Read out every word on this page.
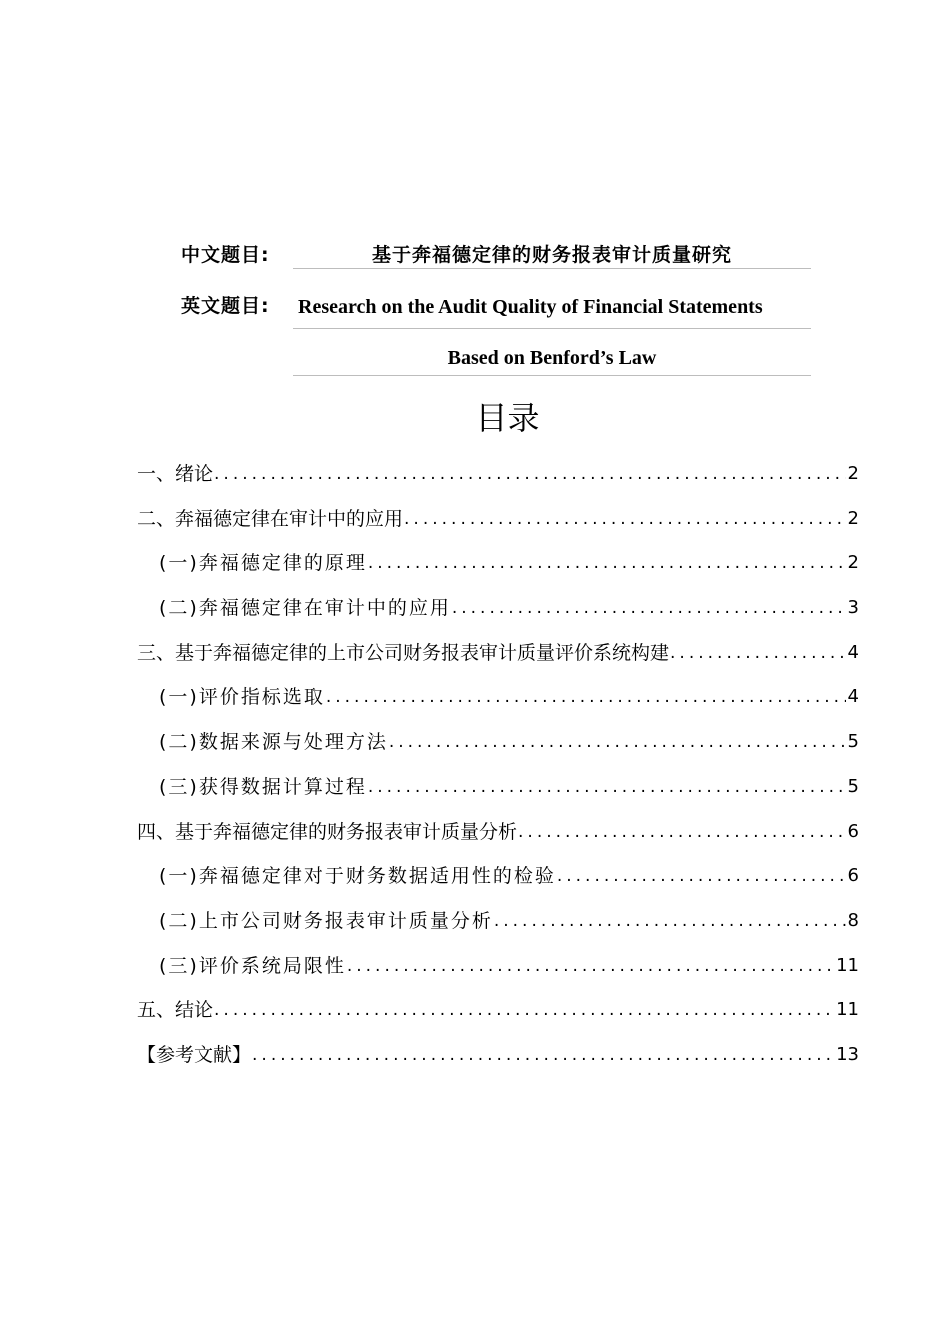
中文题目:	基于奔福德定律的财务报表审计质量研究
英文题目: Research on the Audit Quality of Financial Statements
Based on Benford’s Law
目录
一、绪论 .....	2
二、奔福德定律在审计中的应用 .....	2
(一)奔福德定律的原理 .....	2
(二)奔福德定律在审计中的应用 .....	3
三、基于奔福德定律的上市公司财务报表审计质量评价系统构建 .....	4
(一)评价指标选取 .....	4
(二)数据来源与处理方法 .....	5
(三)获得数据计算过程 .....	5
四、基于奔福德定律的财务报表审计质量分析 .....	6
(一)奔福德定律对于财务数据适用性的检验 .....	6
(二)上市公司财务报表审计质量分析 .....	8
(三)评价系统局限性 .....	11
五、结论 .....	11
【参考文献】 .....	13
